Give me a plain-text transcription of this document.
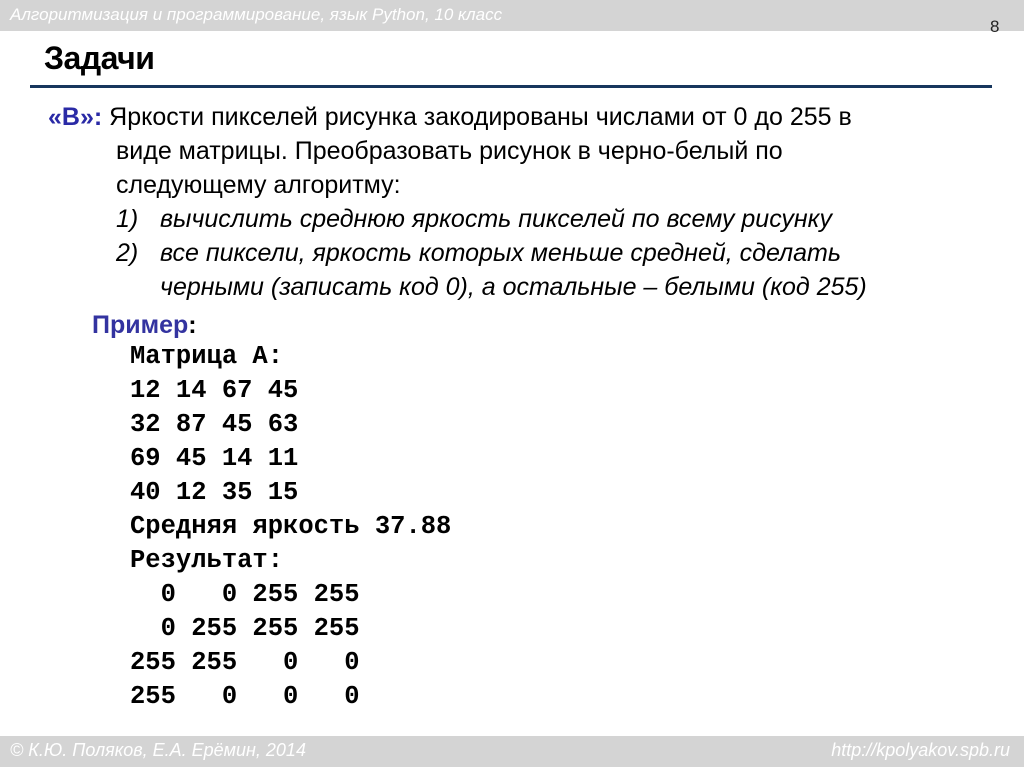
Алгоритмизация и программирование, язык Python, 10 класс
8
Задачи
«B»: Яркости пикселей рисунка закодированы числами от 0 до 255 в
виде матрицы. Преобразовать рисунок в черно-белый по
следующему алгоритму:
1) вычислить среднюю яркость пикселей по всему рисунку
2) все пиксели, яркость которых меньше средней, сделать
черными (записать код 0), а остальные – белыми (код 255)
Пример:
Матрица А:
12 14 67 45
32 87 45 63
69 45 14 11
40 12 35 15
Средняя яркость 37.88
Результат:
0   0 255 255
0 255 255 255
255 255   0   0
255   0   0   0
© К.Ю. Поляков, Е.А. Ерёмин, 2014	http://kpolyakov.spb.ru
